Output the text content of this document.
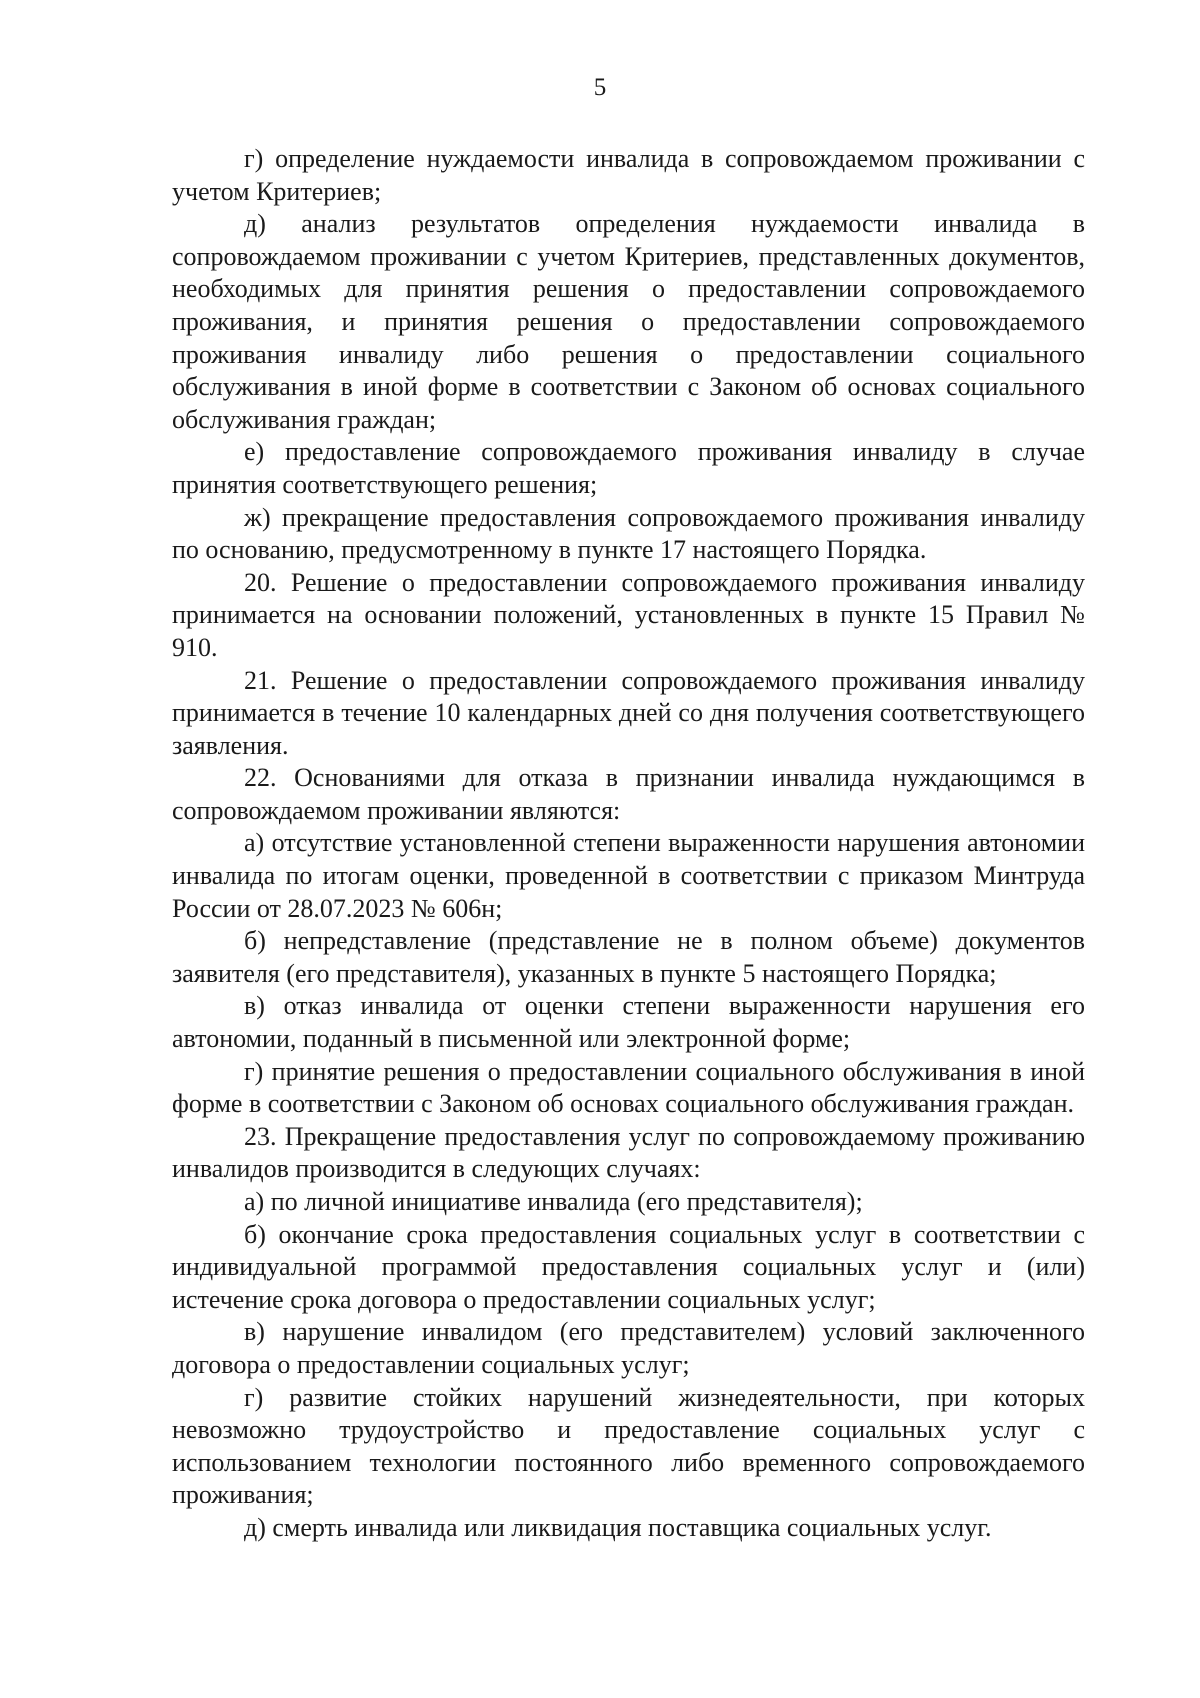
5

г) определение нуждаемости инвалида в сопровождаемом проживании с учетом Критериев;

д) анализ результатов определения нуждаемости инвалида в сопровождаемом проживании с учетом Критериев, представленных документов, необходимых для принятия решения о предоставлении сопровождаемого проживания, и принятия решения о предоставлении сопровождаемого проживания инвалиду либо решения о предоставлении социального обслуживания в иной форме в соответствии с Законом об основах социального обслуживания граждан;

е) предоставление сопровождаемого проживания инвалиду в случае принятия соответствующего решения;

ж) прекращение предоставления сопровождаемого проживания инвалиду по основанию, предусмотренному в пункте 17 настоящего Порядка.

20. Решение о предоставлении сопровождаемого проживания инвалиду принимается на основании положений, установленных в пункте 15 Правил № 910.

21. Решение о предоставлении сопровождаемого проживания инвалиду принимается в течение 10 календарных дней со дня получения соответствующего заявления.

22. Основаниями для отказа в признании инвалида нуждающимся в сопровождаемом проживании являются:

а) отсутствие установленной степени выраженности нарушения автономии инвалида по итогам оценки, проведенной в соответствии с приказом Минтруда России от 28.07.2023 № 606н;

б) непредставление (представление не в полном объеме) документов заявителя (его представителя), указанных в пункте 5 настоящего Порядка;

в) отказ инвалида от оценки степени выраженности нарушения его автономии, поданный в письменной или электронной форме;

г) принятие решения о предоставлении социального обслуживания в иной форме в соответствии с Законом об основах социального обслуживания граждан.

23. Прекращение предоставления услуг по сопровождаемому проживанию инвалидов производится в следующих случаях:

а) по личной инициативе инвалида (его представителя);

б) окончание срока предоставления социальных услуг в соответствии с индивидуальной программой предоставления социальных услуг и (или) истечение срока договора о предоставлении социальных услуг;

в) нарушение инвалидом (его представителем) условий заключенного договора о предоставлении социальных услуг;

г) развитие стойких нарушений жизнедеятельности, при которых невозможно трудоустройство и предоставление социальных услуг с использованием технологии постоянного либо временного сопровождаемого проживания;

д) смерть инвалида или ликвидация поставщика социальных услуг.
